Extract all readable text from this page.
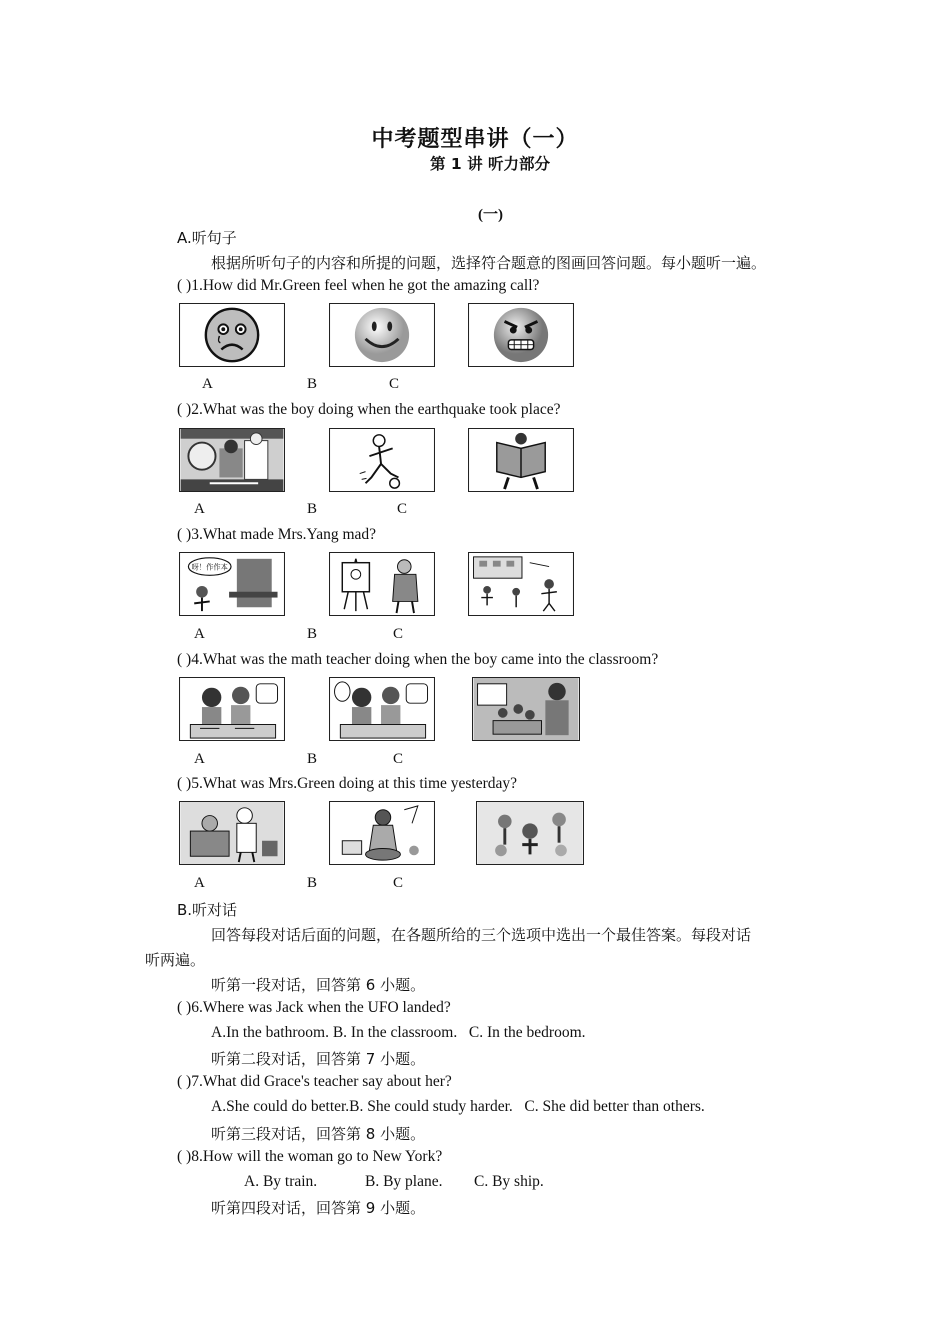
中考题型串讲（一）
第 1 讲 听力部分
(一)
A.听句子
根据所听句子的内容和所提的问题，选择符合题意的图画回答问题。每小题听一遍。
( )1.How did Mr.Green feel when he got the amazing call?
A	B	C
( )2.What was the boy doing when the earthquake took place?
A	B	C
( )3.What made Mrs.Yang mad?
呀！作作本
A	B	C
( )4.What was the math teacher doing when the boy came into the classroom?
A	B	C
( )5.What was Mrs.Green doing at this time yesterday?
A	B	C
B.听对话
回答每段对话后面的问题，在各题所给的三个选项中选出一个最佳答案。每段对话
听两遍。
听第一段对话，回答第 6 小题。
( )6.Where was Jack when the UFO landed?
A.In the bathroom. B. In the classroom.   C. In the bedroom.
听第二段对话，回答第 7 小题。
( )7.What did Grace's teacher say about her?
A.She could do better.B. She could study harder.   C. She did better than others.
听第三段对话，回答第 8 小题。
( )8.How will the woman go to New York?
A. By train.	B. By plane. C. By ship.
听第四段对话，回答第 9 小题。
